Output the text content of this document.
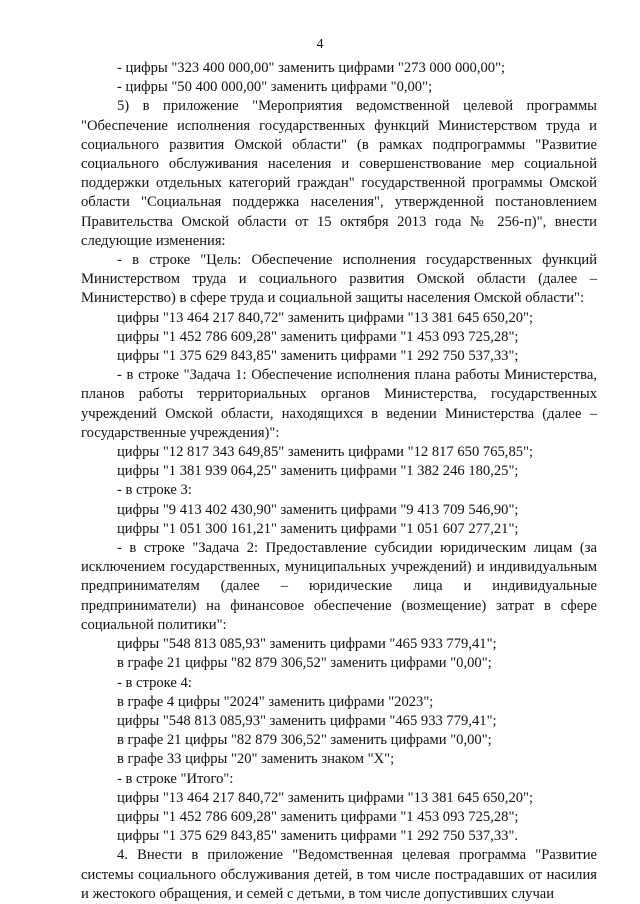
4

- цифры "323 400 000,00" заменить цифрами "273 000 000,00";

- цифры "50 400 000,00" заменить цифрами "0,00";

5) в приложение "Мероприятия ведомственной целевой программы "Обеспечение исполнения государственных функций Министерством труда и социального развития Омской области" (в рамках подпрограммы "Развитие социального обслуживания населения и совершенствование мер социальной поддержки отдельных категорий граждан" государственной программы Омской области "Социальная поддержка населения", утвержденной постановлением Правительства Омской области от 15 октября 2013 года № 256-п)", внести следующие изменения:

- в строке "Цель: Обеспечение исполнения государственных функций Министерством труда и социального развития Омской области (далее – Министерство) в сфере труда и социальной защиты населения Омской области":

цифры "13 464 217 840,72" заменить цифрами "13 381 645 650,20";

цифры "1 452 786 609,28" заменить цифрами "1 453 093 725,28";

цифры "1 375 629 843,85" заменить цифрами "1 292 750 537,33";

- в строке "Задача 1: Обеспечение исполнения плана работы Министерства, планов работы территориальных органов Министерства, государственных учреждений Омской области, находящихся в ведении Министерства (далее – государственные учреждения)":

цифры "12 817 343 649,85" заменить цифрами "12 817 650 765,85";

цифры "1 381 939 064,25" заменить цифрами "1 382 246 180,25";

- в строке 3:

цифры "9 413 402 430,90" заменить цифрами "9 413 709 546,90";

цифры "1 051 300 161,21" заменить цифрами "1 051 607 277,21";

- в строке "Задача 2: Предоставление субсидии юридическим лицам (за исключением государственных, муниципальных учреждений) и индивидуальным предпринимателям (далее – юридические лица и индивидуальные предприниматели) на финансовое обеспечение (возмещение) затрат в сфере социальной политики":

цифры "548 813 085,93" заменить цифрами "465 933 779,41";

в графе 21 цифры "82 879 306,52" заменить цифрами "0,00";

- в строке 4:

в графе 4 цифры "2024" заменить цифрами "2023";

цифры "548 813 085,93" заменить цифрами "465 933 779,41";

в графе 21 цифры "82 879 306,52" заменить цифрами "0,00";

в графе 33 цифры "20" заменить знаком "Х";

- в строке "Итого":

цифры "13 464 217 840,72" заменить цифрами "13 381 645 650,20";

цифры "1 452 786 609,28" заменить цифрами "1 453 093 725,28";

цифры "1 375 629 843,85" заменить цифрами "1 292 750 537,33".

4. Внести в приложение "Ведомственная целевая программа "Развитие системы социального обслуживания детей, в том числе пострадавших от насилия и жестокого обращения, и семей с детьми, в том числе допустивших случаи
